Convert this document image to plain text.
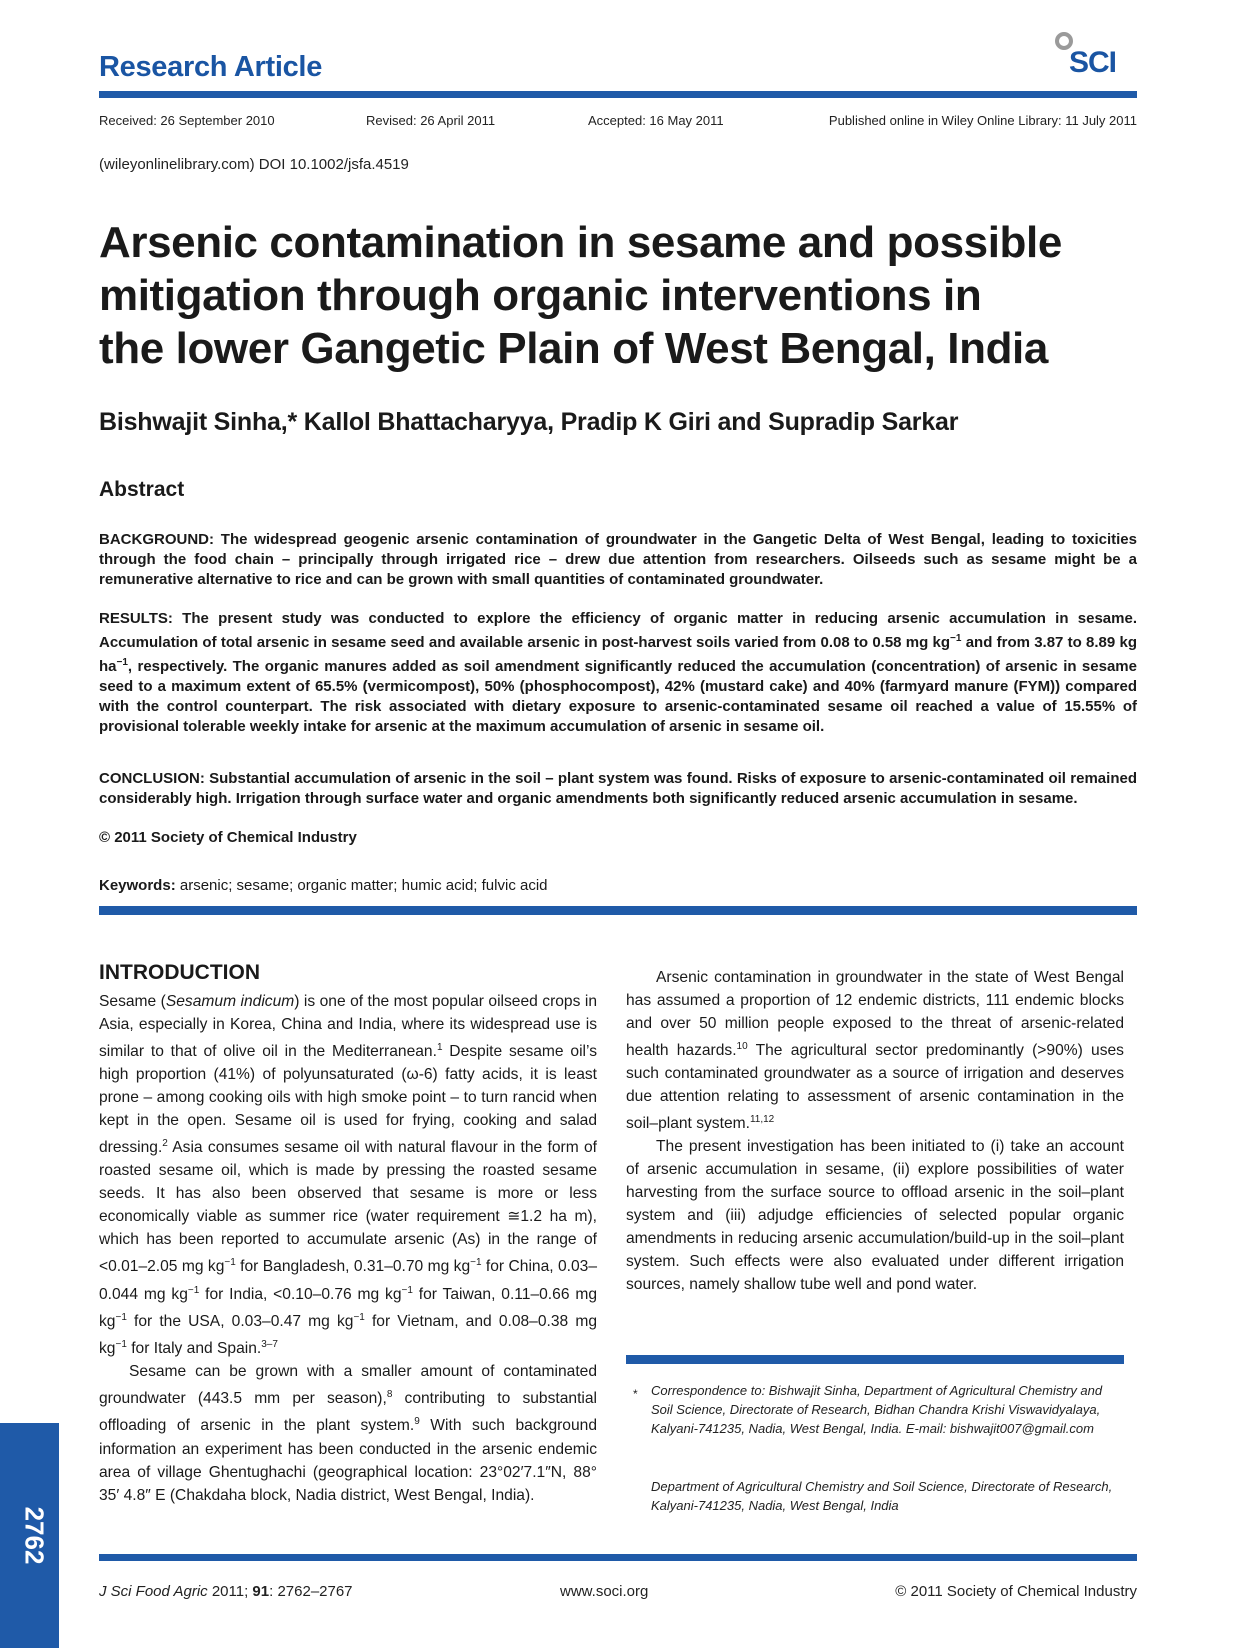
Research Article	SCI
Received: 26 September 2010	Revised: 26 April 2011	Accepted: 16 May 2011	Published online in Wiley Online Library: 11 July 2011
(wileyonlinelibrary.com) DOI 10.1002/jsfa.4519
Arsenic contamination in sesame and possible
mitigation through organic interventions in
the lower Gangetic Plain of West Bengal, India
Bishwajit Sinha,* Kallol Bhattacharyya, Pradip K Giri and Supradip Sarkar
Abstract
BACKGROUND: The widespread geogenic arsenic contamination of groundwater in the Gangetic Delta of West Bengal, leading to toxicities through the food chain – principally through irrigated rice – drew due attention from researchers. Oilseeds such as sesame might be a remunerative alternative to rice and can be grown with small quantities of contaminated groundwater.
RESULTS: The present study was conducted to explore the efficiency of organic matter in reducing arsenic accumulation in sesame. Accumulation of total arsenic in sesame seed and available arsenic in post-harvest soils varied from 0.08 to 0.58 mg $kg^{-1}$ and from 3.87 to 8.89 kg $ha^{-1}$, respectively. The organic manures added as soil amendment significantly reduced the accumulation (concentration) of arsenic in sesame seed to a maximum extent of 65.5% (vermicompost), 50% (phosphocompost), 42% (mustard cake) and 40% (farmyard manure (FYM)) compared with the control counterpart. The risk associated with dietary exposure to arsenic-contaminated sesame oil reached a value of 15.55% of provisional tolerable weekly intake for arsenic at the maximum accumulation of arsenic in sesame oil.
CONCLUSION: Substantial accumulation of arsenic in the soil – plant system was found. Risks of exposure to arsenic-contaminated oil remained considerably high. Irrigation through surface water and organic amendments both significantly reduced arsenic accumulation in sesame.
© 2011 Society of Chemical Industry
Keywords: arsenic; sesame; organic matter; humic acid; fulvic acid
INTRODUCTION

Sesame (Sesamum indicum) is one of the most popular oilseed crops in Asia, especially in Korea, China and India, where its widespread use is similar to that of olive oil in the Mediterranean.$^1$ Despite sesame oil’s high proportion (41%) of polyunsaturated (ω-6) fatty acids, it is least prone – among cooking oils with high smoke point – to turn rancid when kept in the open. Sesame oil is used for frying, cooking and salad dressing.$^2$ Asia consumes sesame oil with natural flavour in the form of roasted sesame oil, which is made by pressing the roasted sesame seeds. It has also been observed that sesame is more or less economically viable as summer rice (water requirement ≅1.2 ha m), which has been reported to accumulate arsenic (As) in the range of <0.01–2.05 mg $kg^{-1}$ for Bangladesh, 0.31–0.70 mg $kg^{-1}$ for China, 0.03–0.044 mg $kg^{-1}$ for India, <0.10–0.76 mg $kg^{-1}$ for Taiwan, 0.11–0.66 mg $kg^{-1}$ for the USA, 0.03–0.47 mg $kg^{-1}$ for Vietnam, and 0.08–0.38 mg $kg^{-1}$ for Italy and Spain.$^{3-7}$

Sesame can be grown with a smaller amount of contaminated groundwater (443.5 mm per season),$^8$ contributing to substantial offloading of arsenic in the plant system.$^9$ With such background information an experiment has been conducted in the arsenic endemic area of village Ghentughachi (geographical location: 23°02′7.1″N, 88° 35′ 4.8″ E (Chakdaha block, Nadia district, West Bengal, India).

Arsenic contamination in groundwater in the state of West Bengal has assumed a proportion of 12 endemic districts, 111 endemic blocks and over 50 million people exposed to the threat of arsenic-related health hazards.$^{10}$ The agricultural sector predominantly (>90%) uses such contaminated groundwater as a source of irrigation and deserves due attention relating to assessment of arsenic contamination in the soil–plant system.$^{11,12}$

The present investigation has been initiated to (i) take an account of arsenic accumulation in sesame, (ii) explore possibilities of water harvesting from the surface source to offload arsenic in the soil–plant system and (iii) adjudge efficiencies of selected popular organic amendments in reducing arsenic accumulation/build-up in the soil–plant system. Such effects were also evaluated under different irrigation sources, namely shallow tube well and pond water.

* Correspondence to: Bishwajit Sinha, Department of Agricultural Chemistry and Soil Science, Directorate of Research, Bidhan Chandra Krishi Viswavidyalaya, Kalyani-741235, Nadia, West Bengal, India. E-mail: bishwajit007@gmail.com
Department of Agricultural Chemistry and Soil Science, Directorate of Research, Kalyani-741235, Nadia, West Bengal, India
2762
J Sci Food Agric 2011; 91: 2762–2767	www.soci.org	© 2011 Society of Chemical Industry
